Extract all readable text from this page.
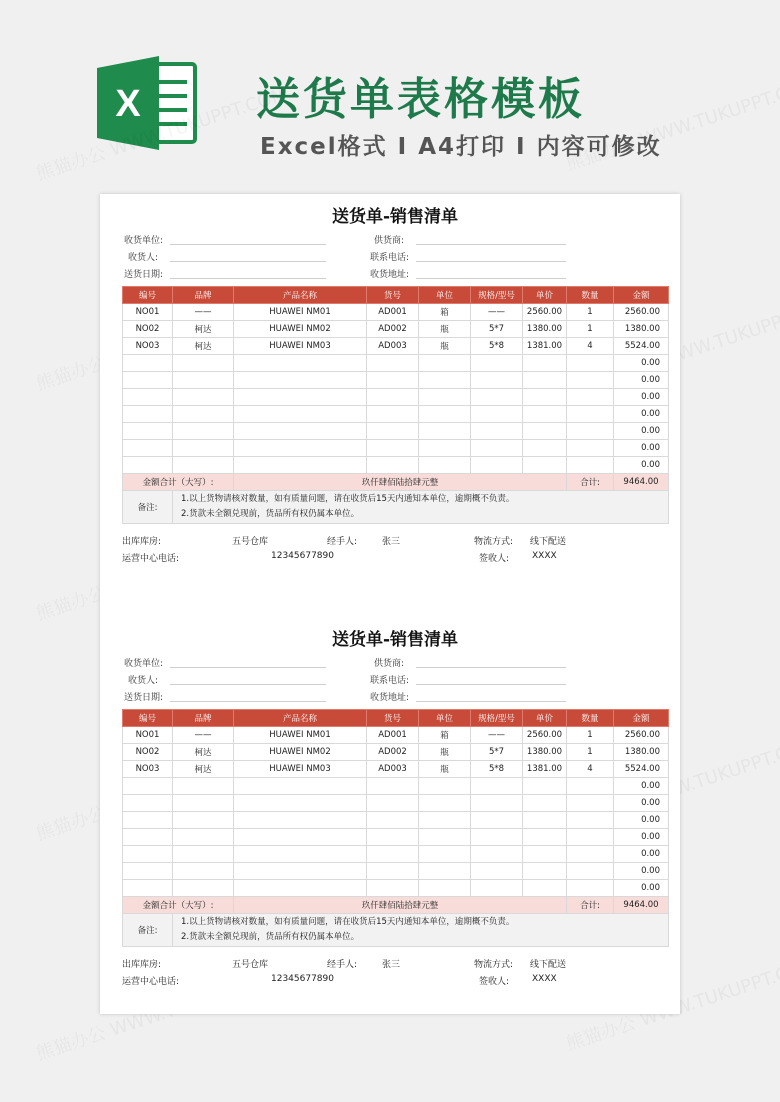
X	送货单表格模板
Excel格式 I A4打印 I 内容可修改
送货单-销售清单
收货单位:	供货商:
收货人:	联系电话:
送货日期:	收货地址:
编号	品牌	产品名称	货号	单位	规格/型号	单价	数量	金额
NO01	——	HUAWEI NM01	AD001	箱	——	2560.00	1	2560.00
NO02	柯达	HUAWEI NM02	AD002	瓶	5*7	1380.00	1	1380.00
NO03	柯达	HUAWEI NM03	AD003	瓶	5*8	1381.00	4	5524.00
								0.00
								0.00
								0.00
								0.00
								0.00
								0.00
								0.00
金额合计（大写）:		玖仟肆佰陆拾肆元整					合计:	9464.00
备注:	1.以上货物请核对数量，如有质量问题，请在收货后15天内通知本单位，逾期概不负责。
2.货款未全额兑现前，货品所有权仍属本单位。							
出库库房:	五号仓库	经手人:	张三	物流方式: 线下配送
运营中心电话:	12345677890	签收人:	XXXX
送货单-销售清单
收货单位:	供货商:
收货人:	联系电话:
送货日期:	收货地址:
编号	品牌	产品名称	货号	单位	规格/型号	单价	数量	金额
NO01	——	HUAWEI NM01	AD001	箱	——	2560.00	1	2560.00
NO02	柯达	HUAWEI NM02	AD002	瓶	5*7	1380.00	1	1380.00
NO03	柯达	HUAWEI NM03	AD003	瓶	5*8	1381.00	4	5524.00
								0.00
								0.00
								0.00
								0.00
								0.00
								0.00
								0.00
金额合计（大写）:		玖仟肆佰陆拾肆元整					合计:	9464.00
备注:	1.以上货物请核对数量，如有质量问题，请在收货后15天内通知本单位，逾期概不负责。
2.货款未全额兑现前，货品所有权仍属本单位。							
出库库房:	五号仓库	经手人:	张三	物流方式: 线下配送
运营中心电话:	12345677890	签收人:	XXXX
